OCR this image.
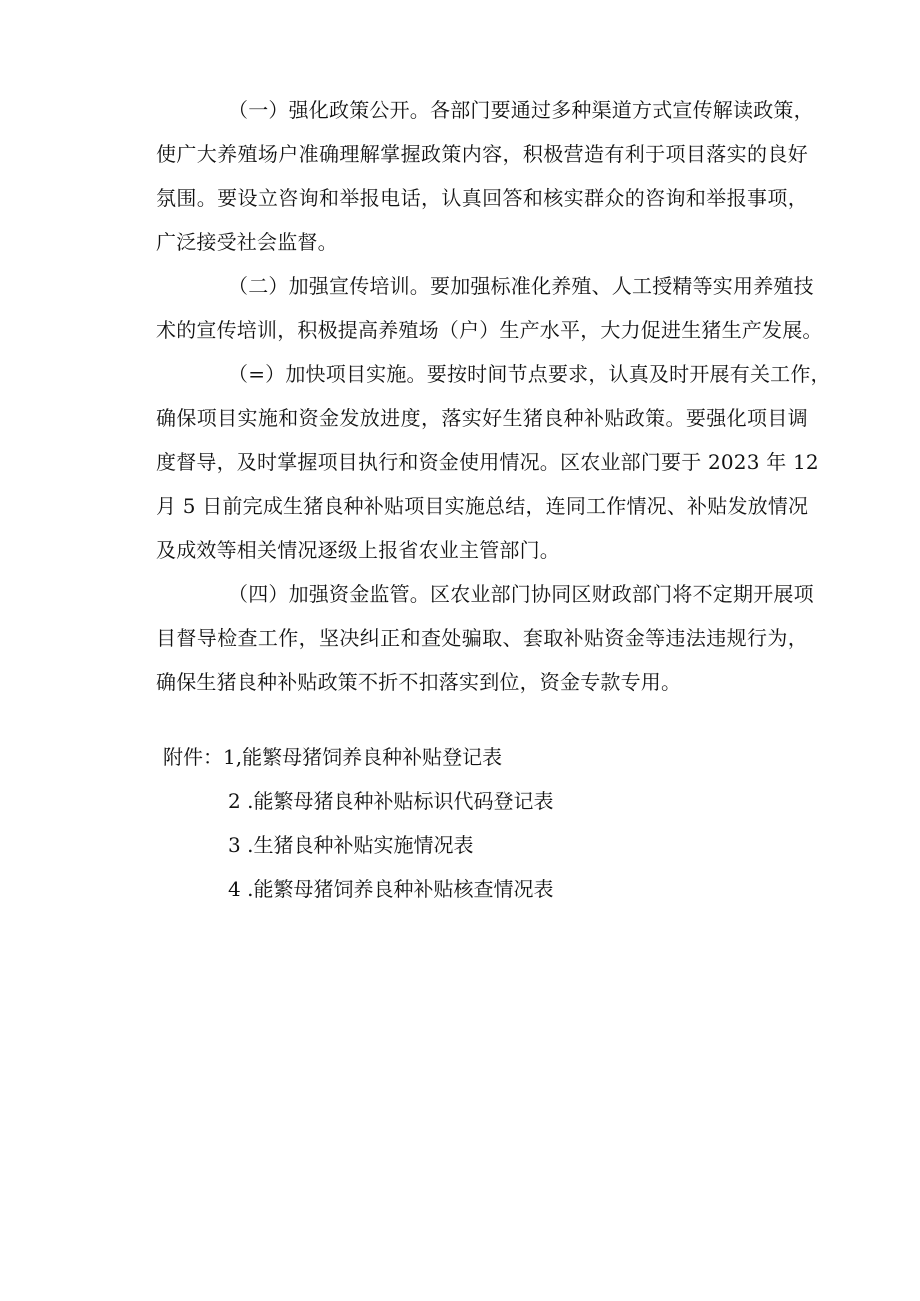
（一）强化政策公开。各部门要通过多种渠道方式宣传解读政策，
使广大养殖场户准确理解掌握政策内容，积极营造有利于项目落实的良好
氛围。要设立咨询和举报电话，认真回答和核实群众的咨询和举报事项，
广泛接受社会监督。
（二）加强宣传培训。要加强标准化养殖、人工授精等实用养殖技
术的宣传培训，积极提高养殖场（户）生产水平，大力促进生猪生产发展。
（=）加快项目实施。要按时间节点要求，认真及时开展有关工作，
确保项目实施和资金发放进度，落实好生猪良种补贴政策。要强化项目调
度督导，及时掌握项目执行和资金使用情况。区农业部门要于 2023 年 12
月 5 日前完成生猪良种补贴项目实施总结，连同工作情况、补贴发放情况
及成效等相关情况逐级上报省农业主管部门。
（四）加强资金监管。区农业部门协同区财政部门将不定期开展项
目督导检查工作，坚决纠正和查处骗取、套取补贴资金等违法违规行为，
确保生猪良种补贴政策不折不扣落实到位，资金专款专用。
附件：1,能繁母猪饲养良种补贴登记表
2 .能繁母猪良种补贴标识代码登记表
3 .生猪良种补贴实施情况表
4 .能繁母猪饲养良种补贴核查情况表
